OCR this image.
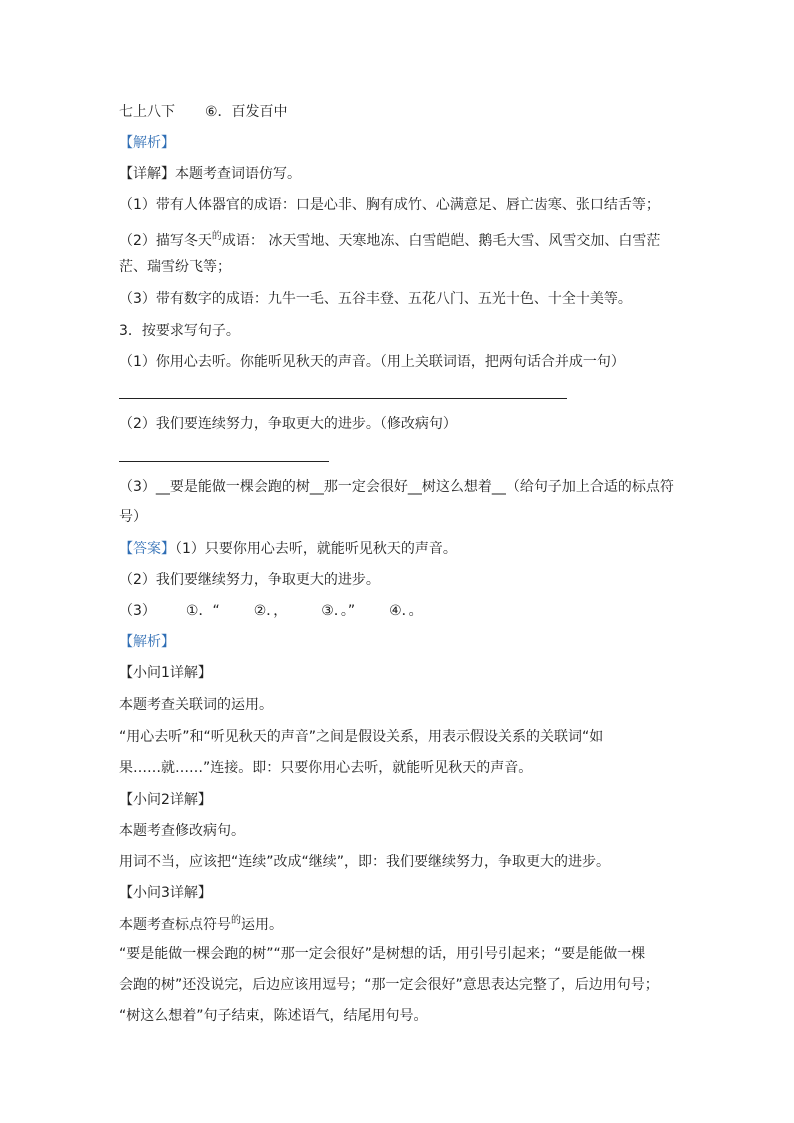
七上八下 ⑥．百发百中
【解析】
【详解】本题考查词语仿写。
（1）带有人体器官的成语：口是心非、胸有成竹、心满意足、唇亡齿寒、张口结舌等；
（2）描写冬天$^的$成语： 冰天雪地、天寒地冻、白雪皑皑、鹅毛大雪、风雪交加、白雪茫
茫、瑞雪纷飞等；
（3）带有数字的成语：九牛一毛、五谷丰登、五花八门、五光十色、十全十美等。
3．按要求写句子。
（1）你用心去听。你能听见秋天的声音。（用上关联词语，把两句话合并成一句）
（2）我们要连续努力，争取更大的进步。（修改病句）
（3）__要是能做一棵会跑的树__那一定会很好__树这么想着__（给句子加上合适的标点符
号）
【答案】（1）只要你用心去听，就能听见秋天的声音。
（2）我们要继续努力，争取更大的进步。
（3） ①．“ ②．， ③．。” ④．。
【解析】
【小问1详解】
本题考查关联词的运用。
“用心去听”和“听见秋天的声音”之间是假设关系，用表示假设关系的关联词“如
果……就……”连接。即：只要你用心去听，就能听见秋天的声音。
【小问2详解】
本题考查修改病句。
用词不当，应该把“连续”改成“继续”，即：我们要继续努力，争取更大的进步。
【小问3详解】
本题考查标点符号$^的$运用。
“要是能做一棵会跑的树”“那一定会很好”是树想的话，用引号引起来；“要是能做一棵
会跑的树”还没说完，后边应该用逗号；“那一定会很好”意思表达完整了，后边用句号；
“树这么想着”句子结束，陈述语气，结尾用句号。
